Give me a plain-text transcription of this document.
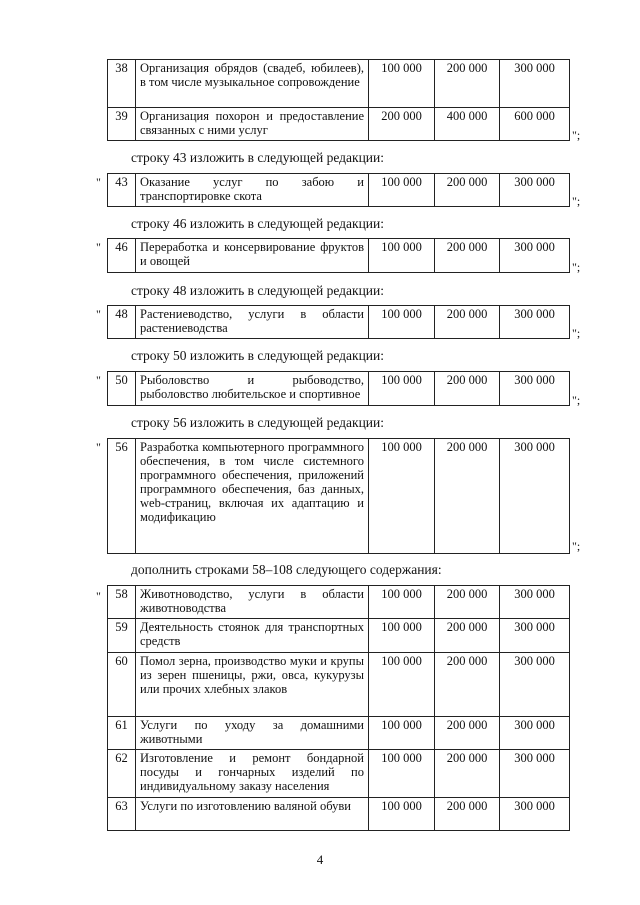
38	Организация обрядов (свадеб, юбилеев), в том числе музыкальное сопровождение	100 000	200 000	300 000
39	Организация похорон и предоставление связанных с ними услуг	200 000	400 000	600 000
";
строку 43 изложить в следующей редакции:
" 43	Оказание услуг по забою и транспортировке скота	100 000	200 000	300 000
";
строку 46 изложить в следующей редакции:
" 46	Переработка и консервирование фруктов и овощей	100 000	200 000	300 000
";
строку 48 изложить в следующей редакции:
" 48	Растениеводство, услуги в области растениеводства	100 000	200 000	300 000
";
строку 50 изложить в следующей редакции:
" 50	Рыболовство и рыбоводство, рыболовство любительское и спортивное	100 000	200 000	300 000
";
строку 56 изложить в следующей редакции:
" 56	Разработка компьютерного программного обеспечения, в том числе системного программного обеспечения, приложений программного обеспечения, баз данных, web-страниц, включая их адаптацию и модификацию	100 000	200 000	300 000
";
дополнить строками 58–108 следующего содержания:
" 58	Животноводство, услуги в области животноводства	100 000	200 000	300 000
59	Деятельность стоянок для транспортных средств	100 000	200 000	300 000
60	Помол зерна, производство муки и крупы из зерен пшеницы, ржи, овса, кукурузы или прочих хлебных злаков	100 000	200 000	300 000
61	Услуги по уходу за домашними животными	100 000	200 000	300 000
62	Изготовление и ремонт бондарной посуды и гончарных изделий по индивидуальному заказу населения	100 000	200 000	300 000
63	Услуги по изготовлению валяной обуви	100 000	200 000	300 000
4
